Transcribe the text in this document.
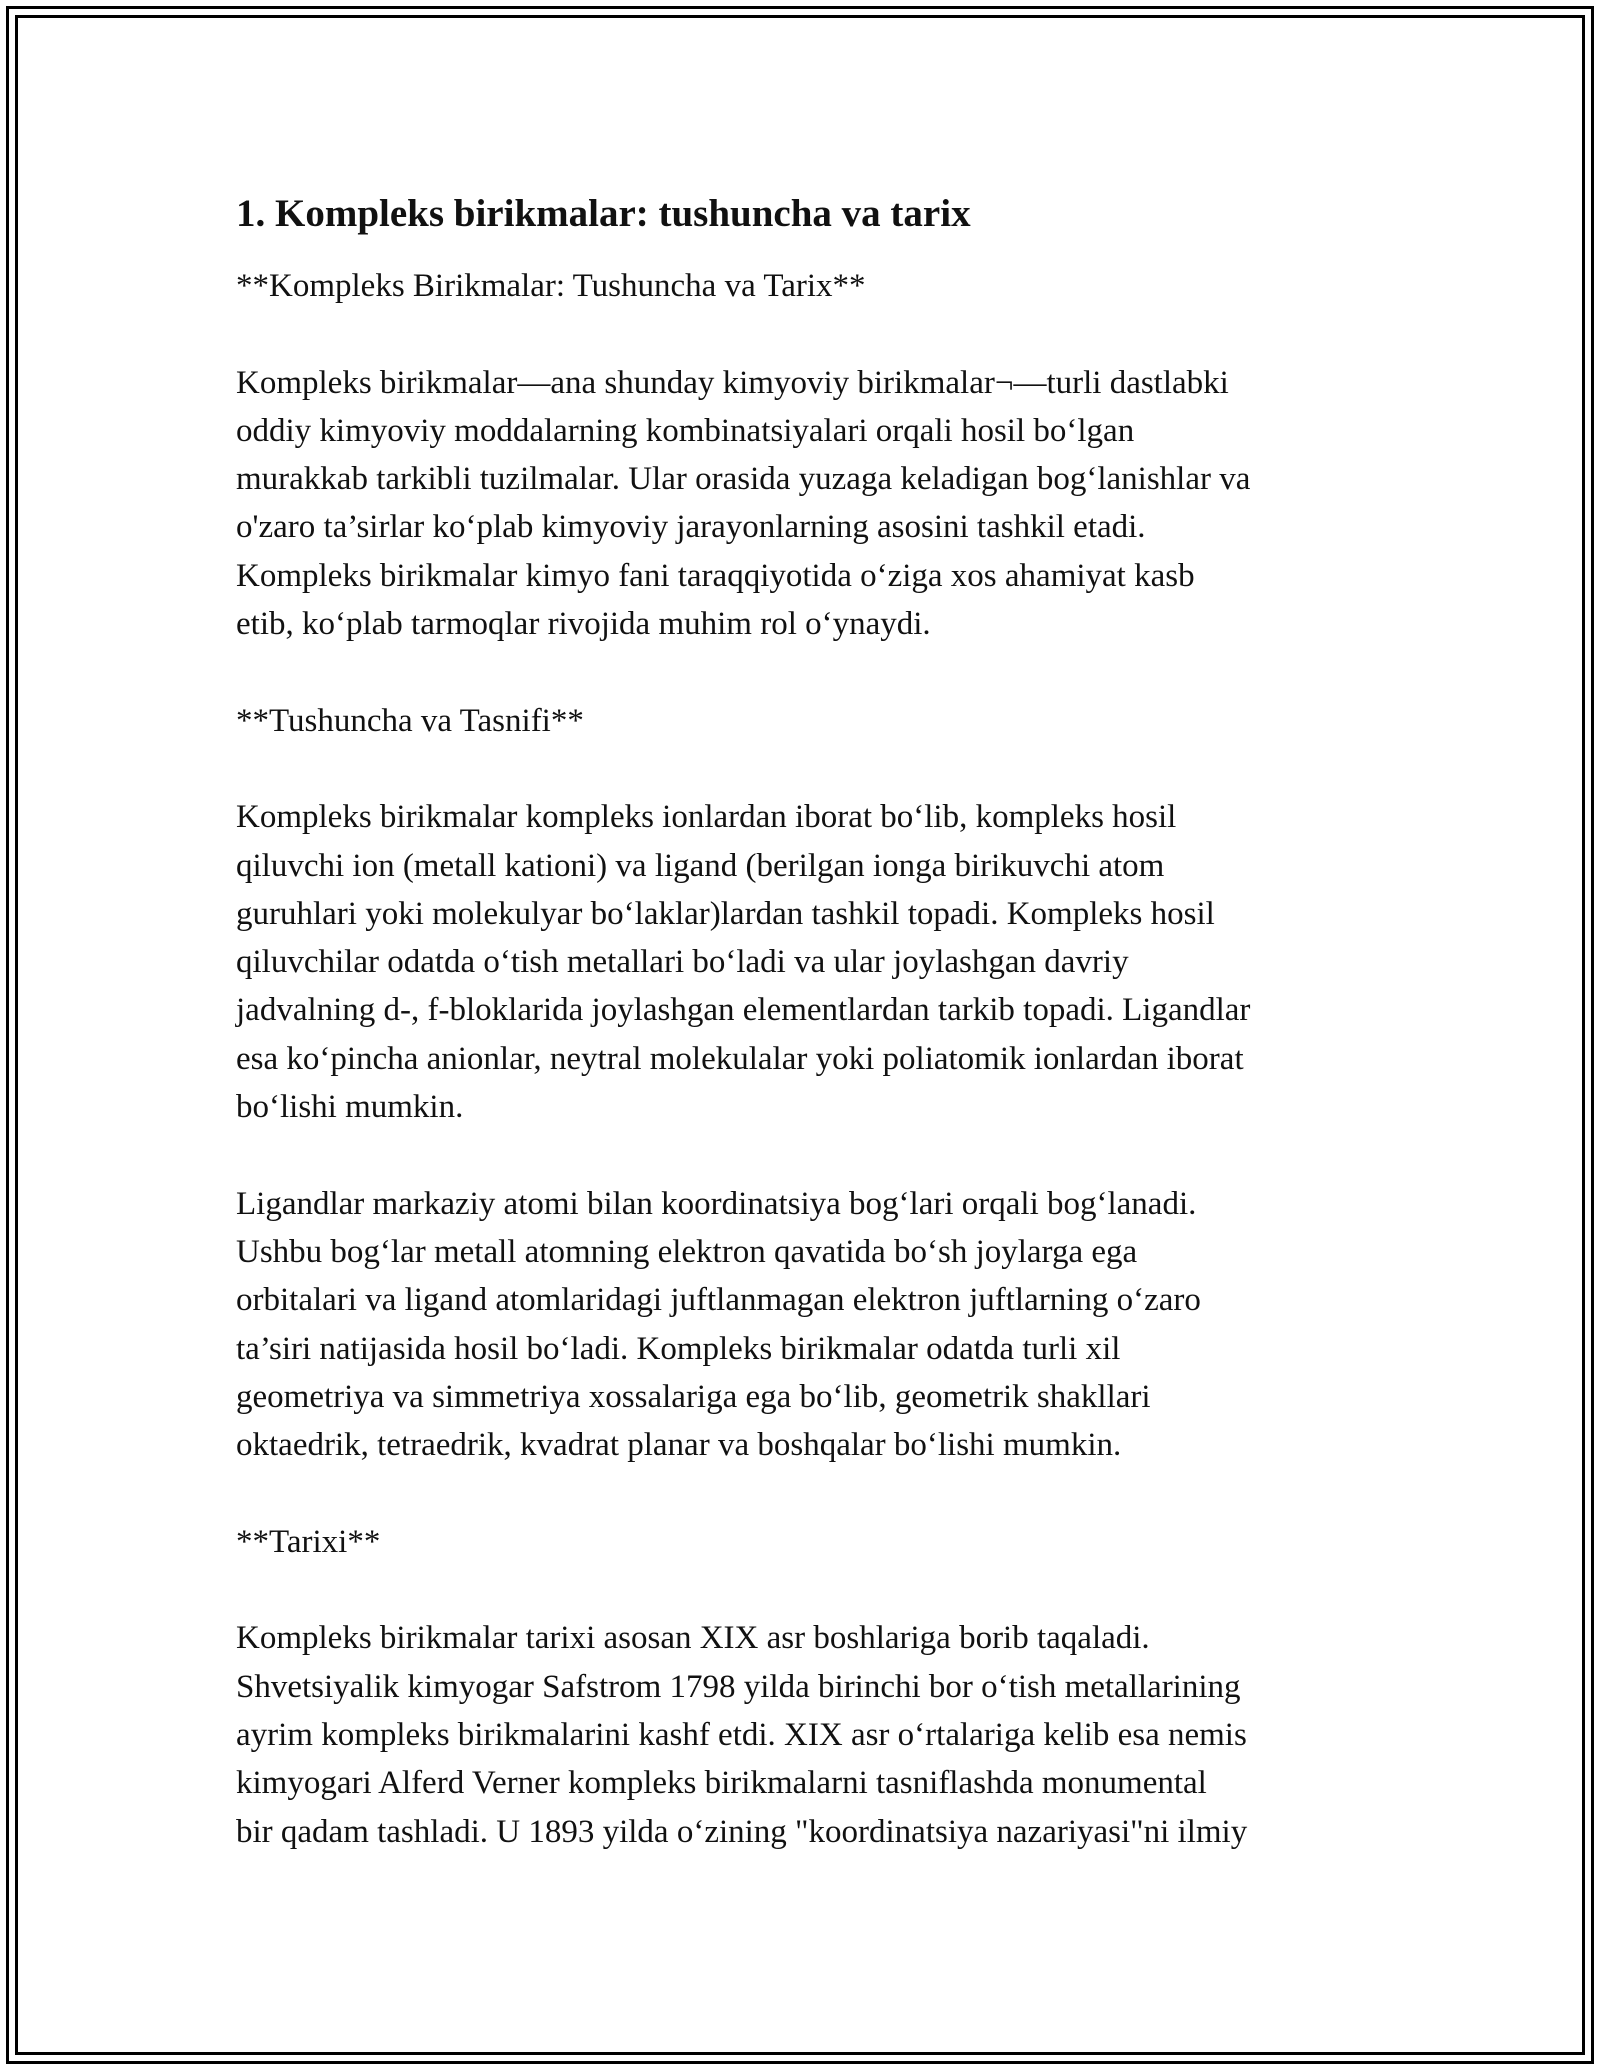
1. Kompleks birikmalar: tushuncha va tarix

**Kompleks Birikmalar: Tushuncha va Tarix**

Kompleks birikmalar—ana shunday kimyoviy birikmalar¬—turli dastlabki
oddiy kimyoviy moddalarning kombinatsiyalari orqali hosil bo‘lgan
murakkab tarkibli tuzilmalar. Ular orasida yuzaga keladigan bog‘lanishlar va
o'zaro ta’sirlar ko‘plab kimyoviy jarayonlarning asosini tashkil etadi.
Kompleks birikmalar kimyo fani taraqqiyotida o‘ziga xos ahamiyat kasb
etib, ko‘plab tarmoqlar rivojida muhim rol o‘ynaydi.

**Tushuncha va Tasnifi**

Kompleks birikmalar kompleks ionlardan iborat bo‘lib, kompleks hosil
qiluvchi ion (metall kationi) va ligand (berilgan ionga birikuvchi atom
guruhlari yoki molekulyar bo‘laklar)lardan tashkil topadi. Kompleks hosil
qiluvchilar odatda o‘tish metallari bo‘ladi va ular joylashgan davriy
jadvalning d-, f-bloklarida joylashgan elementlardan tarkib topadi. Ligandlar
esa ko‘pincha anionlar, neytral molekulalar yoki poliatomik ionlardan iborat
bo‘lishi mumkin.

Ligandlar markaziy atomi bilan koordinatsiya bog‘lari orqali bog‘lanadi.
Ushbu bog‘lar metall atomning elektron qavatida bo‘sh joylarga ega
orbitalari va ligand atomlaridagi juftlanmagan elektron juftlarning o‘zaro
ta’siri natijasida hosil bo‘ladi. Kompleks birikmalar odatda turli xil
geometriya va simmetriya xossalariga ega bo‘lib, geometrik shakllari
oktaedrik, tetraedrik, kvadrat planar va boshqalar bo‘lishi mumkin.

**Tarixi**

Kompleks birikmalar tarixi asosan XIX asr boshlariga borib taqaladi.
Shvetsiyalik kimyogar Safstrom 1798 yilda birinchi bor o‘tish metallarining
ayrim kompleks birikmalarini kashf etdi. XIX asr o‘rtalariga kelib esa nemis
kimyogari Alferd Verner kompleks birikmalarni tasniflashda monumental
bir qadam tashladi. U 1893 yilda o‘zining "koordinatsiya nazariyasi"ni ilmiy
